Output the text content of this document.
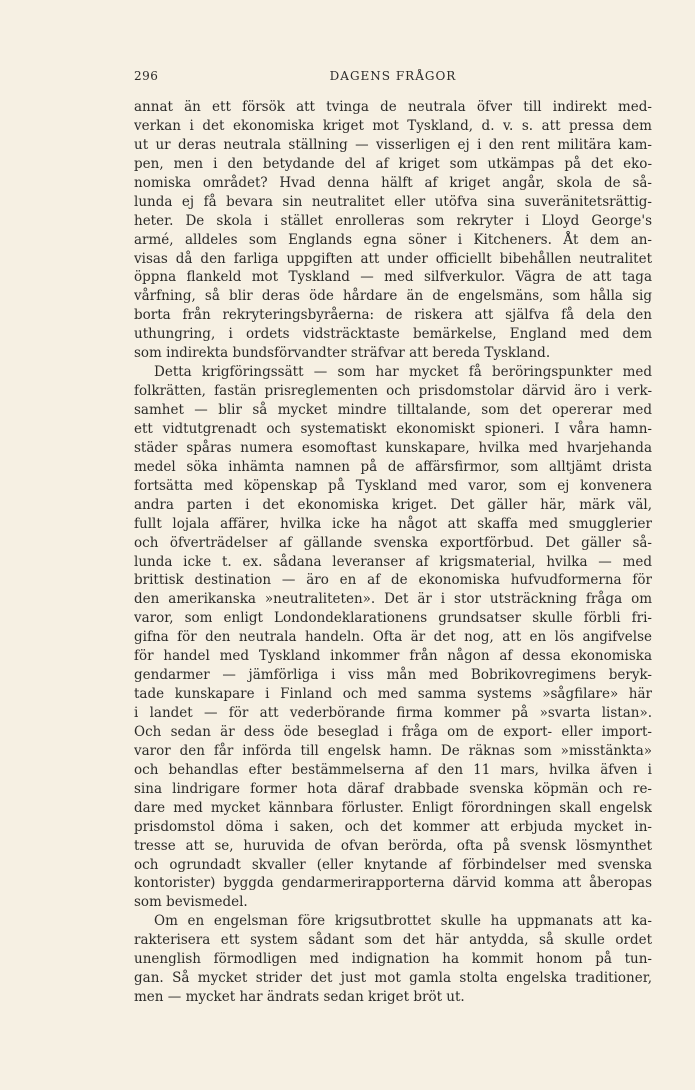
296	DAGENS FRÅGOR
annat än ett försök att tvinga de neutrala öfver till indirekt med-
verkan i det ekonomiska kriget mot Tyskland, d. v. s. att pressa dem
ut ur deras neutrala ställning — visserligen ej i den rent militära kam-
pen, men i den betydande del af kriget som utkämpas på det eko-
nomiska området? Hvad denna hälft af kriget angår, skola de så-
lunda ej få bevara sin neutralitet eller utöfva sina suveränitetsrättig-
heter. De skola i stället enrolleras som rekryter i Lloyd George's
armé, alldeles som Englands egna söner i Kitcheners. Åt dem an-
visas då den farliga uppgiften att under officiellt bibehållen neutralitet
öppna flankeld mot Tyskland — med silfverkulor. Vägra de att taga
vårfning, så blir deras öde hårdare än de engelsmäns, som hålla sig
borta från rekryteringsbyråerna: de riskera att själfva få dela den
uthungring, i ordets vidsträcktaste bemärkelse, England med dem
som indirekta bundsförvandter sträfvar att bereda Tyskland.
Detta krigföringssätt — som har mycket få beröringspunkter med
folkrätten, fastän prisreglementen och prisdomstolar därvid äro i verk-
samhet — blir så mycket mindre tilltalande, som det opererar med
ett vidtutgrenadt och systematiskt ekonomiskt spioneri. I våra hamn-
städer spåras numera esomoftast kunskapare, hvilka med hvarjehanda
medel söka inhämta namnen på de affärsfirmor, som alltjämt drista
fortsätta med köpenskap på Tyskland med varor, som ej konvenera
andra parten i det ekonomiska kriget. Det gäller här, märk väl,
fullt lojala affärer, hvilka icke ha något att skaffa med smugglerier
och öfverträdelser af gällande svenska exportförbud. Det gäller så-
lunda icke t. ex. sådana leveranser af krigsmaterial, hvilka — med
brittisk destination — äro en af de ekonomiska hufvudformerna för
den amerikanska »neutraliteten». Det är i stor utsträckning fråga om
varor, som enligt Londondeklarationens grundsatser skulle förbli fri-
gifna för den neutrala handeln. Ofta är det nog, att en lös angifvelse
för handel med Tyskland inkommer från någon af dessa ekonomiska
gendarmer — jämförliga i viss mån med Bobrikovregimens beryk-
tade kunskapare i Finland och med samma systems »sågfilare» här
i landet — för att vederbörande firma kommer på »svarta listan».
Och sedan är dess öde beseglad i fråga om de export- eller import-
varor den får införda till engelsk hamn. De räknas som »misstänkta»
och behandlas efter bestämmelserna af den 11 mars, hvilka äfven i
sina lindrigare former hota däraf drabbade svenska köpmän och re-
dare med mycket kännbara förluster. Enligt förordningen skall engelsk
prisdomstol döma i saken, och det kommer att erbjuda mycket in-
tresse att se, huruvida de ofvan berörda, ofta på svensk lösmynthet
och ogrundadt skvaller (eller knytande af förbindelser med svenska
kontorister) byggda gendarmerirapporterna därvid komma att åberopas
som bevismedel.
Om en engelsman före krigsutbrottet skulle ha uppmanats att ka-
rakterisera ett system sådant som det här antydda, så skulle ordet
unenglish förmodligen med indignation ha kommit honom på tun-
gan. Så mycket strider det just mot gamla stolta engelska traditioner,
men — mycket har ändrats sedan kriget bröt ut.
